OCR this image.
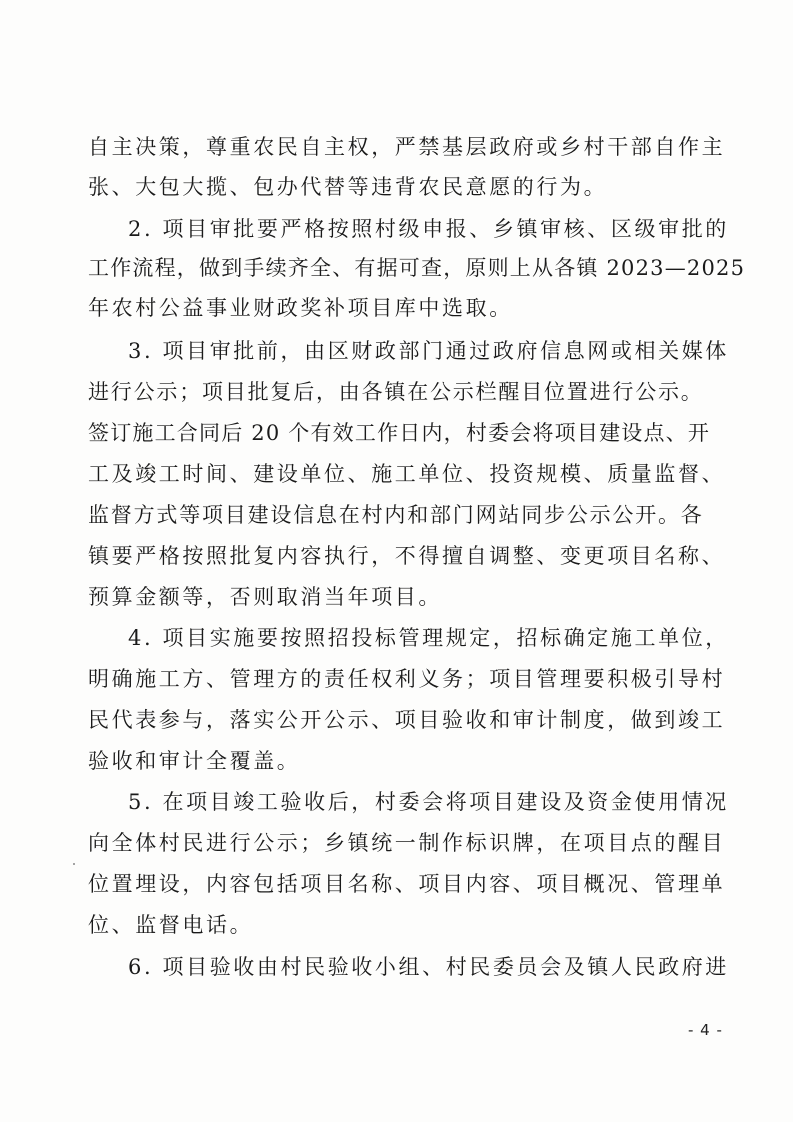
自主决策，尊重农民自主权，严禁基层政府或乡村干部自作主
张、大包大揽、包办代替等违背农民意愿的行为。
2. 项目审批要严格按照村级申报、乡镇审核、区级审批的
工作流程，做到手续齐全、有据可查，原则上从各镇 2023—2025
年农村公益事业财政奖补项目库中选取。
3. 项目审批前，由区财政部门通过政府信息网或相关媒体
进行公示；项目批复后，由各镇在公示栏醒目位置进行公示。
签订施工合同后 20 个有效工作日内，村委会将项目建设点、开
工及竣工时间、建设单位、施工单位、投资规模、质量监督、
监督方式等项目建设信息在村内和部门网站同步公示公开。各
镇要严格按照批复内容执行，不得擅自调整、变更项目名称、
预算金额等，否则取消当年项目。
4. 项目实施要按照招投标管理规定，招标确定施工单位，
明确施工方、管理方的责任权利义务；项目管理要积极引导村
民代表参与，落实公开公示、项目验收和审计制度，做到竣工
验收和审计全覆盖。
5. 在项目竣工验收后，村委会将项目建设及资金使用情况
向全体村民进行公示；乡镇统一制作标识牌，在项目点的醒目
位置埋设，内容包括项目名称、项目内容、项目概况、管理单
位、监督电话。
6. 项目验收由村民验收小组、村民委员会及镇人民政府进
- 4 -
